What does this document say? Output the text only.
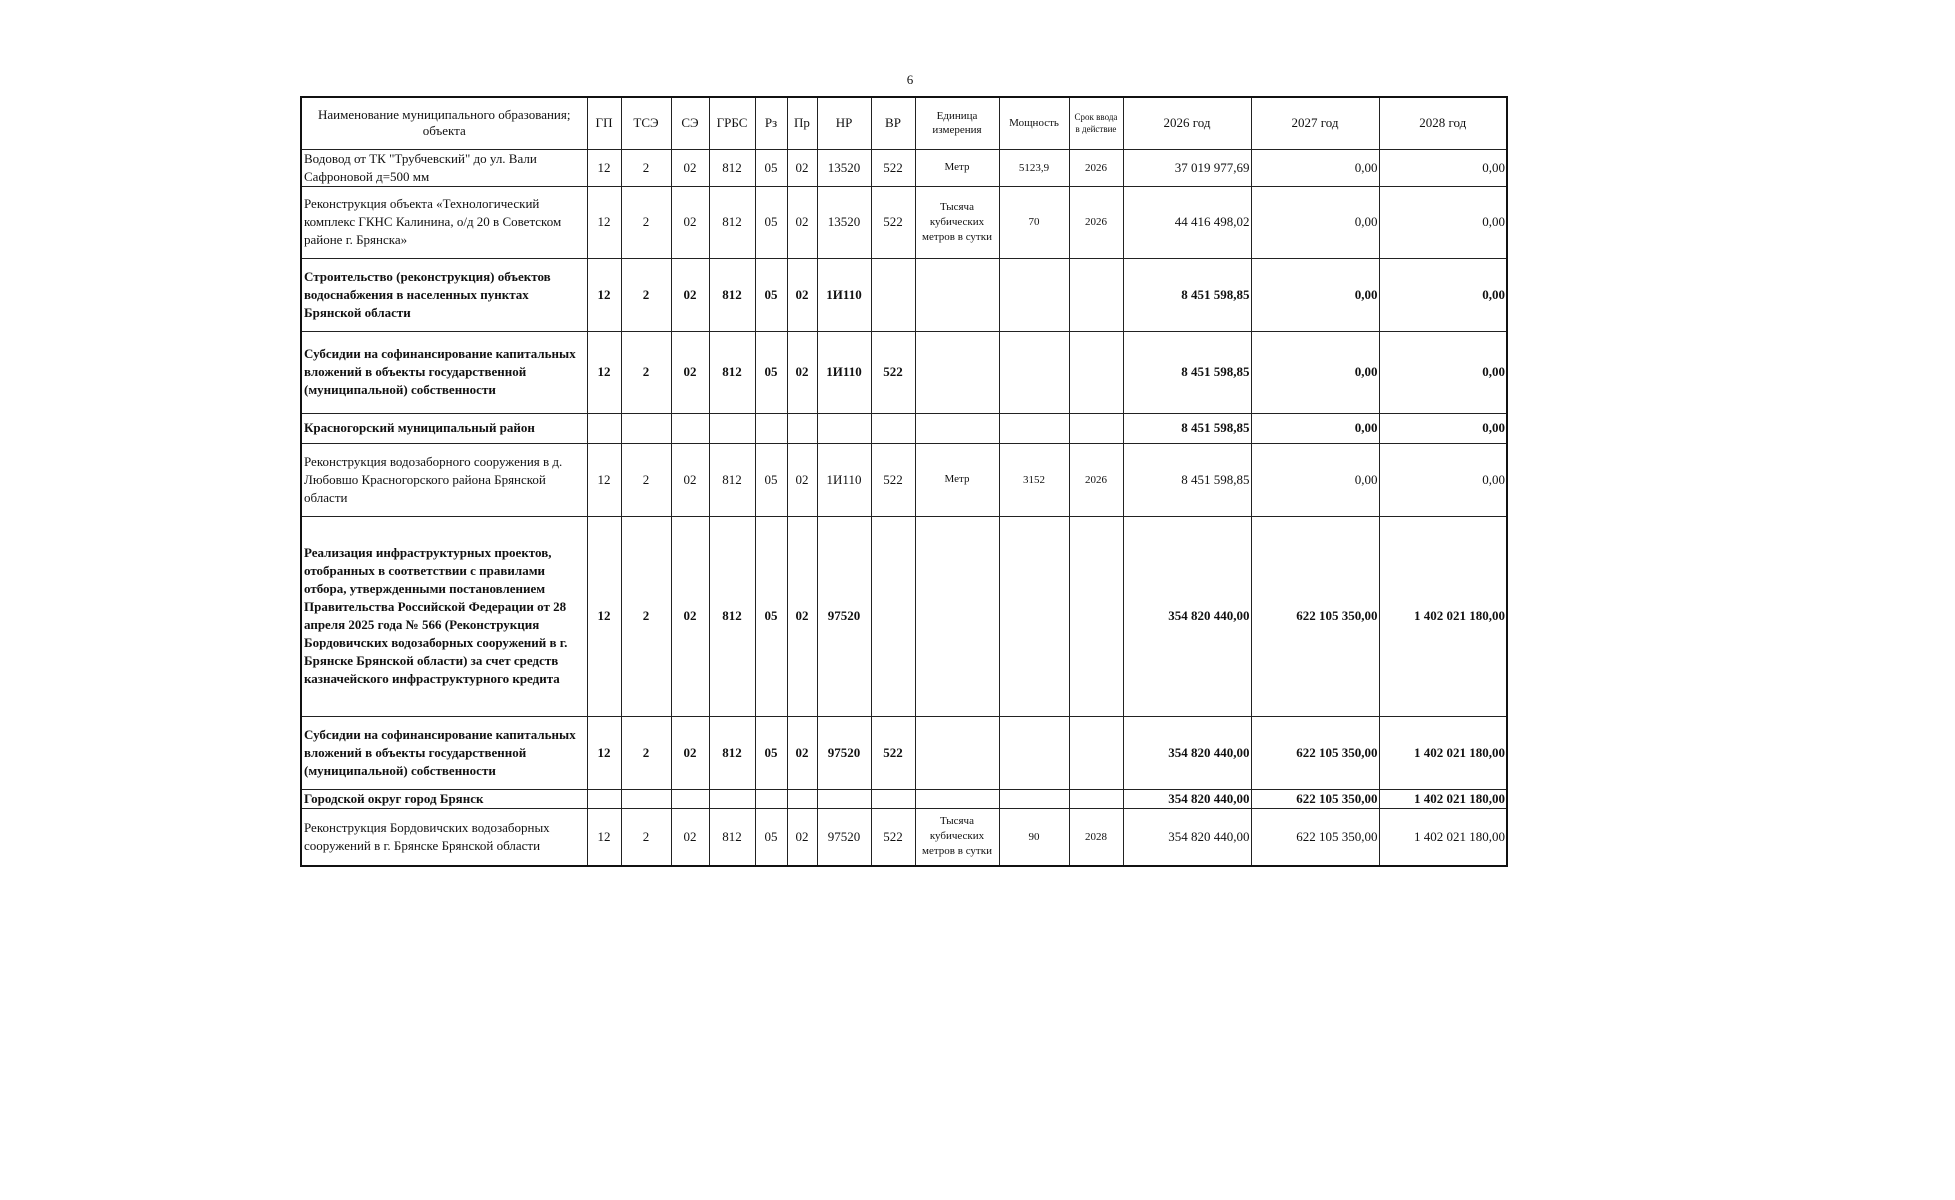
6
Наименование муниципального образования; объекта	ГП	ТСЭ	СЭ	ГРБС	Рз	Пр	НР	ВР	Единица измерения	Мощность	Срок ввода в действие	2026 год	2027 год	2028 год
Водовод от ТК "Трубчевский" до ул. Вали Сафроновой д=500 мм	12	2	02	812	05	02	13520	522	Метр	5123,9	2026	37 019 977,69	0,00	0,00
Реконструкция объекта «Технологический комплекс ГКНС Калинина, о/д 20 в Советском районе г. Брянска»	12	2	02	812	05	02	13520	522	Тысяча кубических метров в сутки	70	2026	44 416 498,02	0,00	0,00
Строительство (реконструкция) объектов водоснабжения в населенных пунктах Брянской области	12	2	02	812	05	02	1И110					8 451 598,85	0,00	0,00
Субсидии на софинансирование капитальных вложений в объекты государственной (муниципальной) собственности	12	2	02	812	05	02	1И110	522				8 451 598,85	0,00	0,00
Красногорский муниципальный район												8 451 598,85	0,00	0,00
Реконструкция водозаборного сооружения в д. Любовшо Красногорского района Брянской области	12	2	02	812	05	02	1И110	522	Метр	3152	2026	8 451 598,85	0,00	0,00
Реализация инфраструктурных проектов, отобранных в соответствии с правилами отбора, утвержденными постановлением Правительства Российской Федерации от 28 апреля 2025 года № 566 (Реконструкция Бордовичских водозаборных сооружений в г. Брянске Брянской области) за счет средств казначейского инфраструктурного кредита	12	2	02	812	05	02	97520					354 820 440,00	622 105 350,00	1 402 021 180,00
Субсидии на софинансирование капитальных вложений в объекты государственной (муниципальной) собственности	12	2	02	812	05	02	97520	522				354 820 440,00	622 105 350,00	1 402 021 180,00
Городской округ город Брянск												354 820 440,00	622 105 350,00	1 402 021 180,00
Реконструкция Бордовичских водозаборных сооружений в г. Брянске Брянской области	12	2	02	812	05	02	97520	522	Тысяча кубических метров в сутки	90	2028	354 820 440,00	622 105 350,00	1 402 021 180,00
